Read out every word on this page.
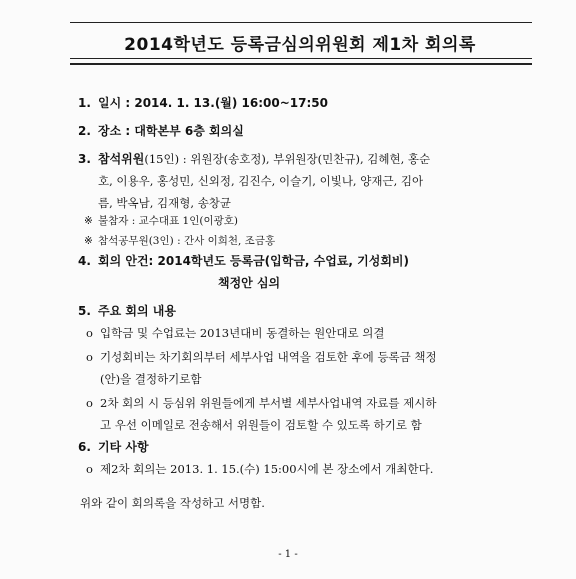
2014학년도 등록금심의위원회 제1차 회의록
1. 일시 : 2014. 1. 13.(월) 16:00~17:50
2. 장소 : 대학본부 6층 회의실
3. 참석위원(15인) : 위원장(송호정), 부위원장(민찬규), 김혜현, 홍순
호, 이용우, 홍성민, 신외정, 김진수, 이슬기, 이빛나, 양재근, 김아
름, 박옥남, 김재형, 송창균
※ 불참자 : 교수대표 1인(이광호)
※ 참석공무원(3인) : 간사 이희천, 조금홍
4. 회의 안건: 2014학년도 등록금(입학금, 수업료, 기성회비)
책정안 심의
5. 주요 회의 내용
o 입학금 및 수업료는 2013년대비 동결하는 원안대로 의결
o 기성회비는 차기회의부터 세부사업 내역을 검토한 후에 등록금 책정
(안)을 결정하기로함
o 2차 회의 시 등심위 위원들에게 부서별 세부사업내역 자료를 제시하
고 우선 이메일로 전송해서 위원들이 검토할 수 있도록 하기로 함
6. 기타 사항
o 제2차 회의는 2013. 1. 15.(수) 15:00시에 본 장소에서 개최한다.
위와 같이 회의록을 작성하고 서명함.
- 1 -
